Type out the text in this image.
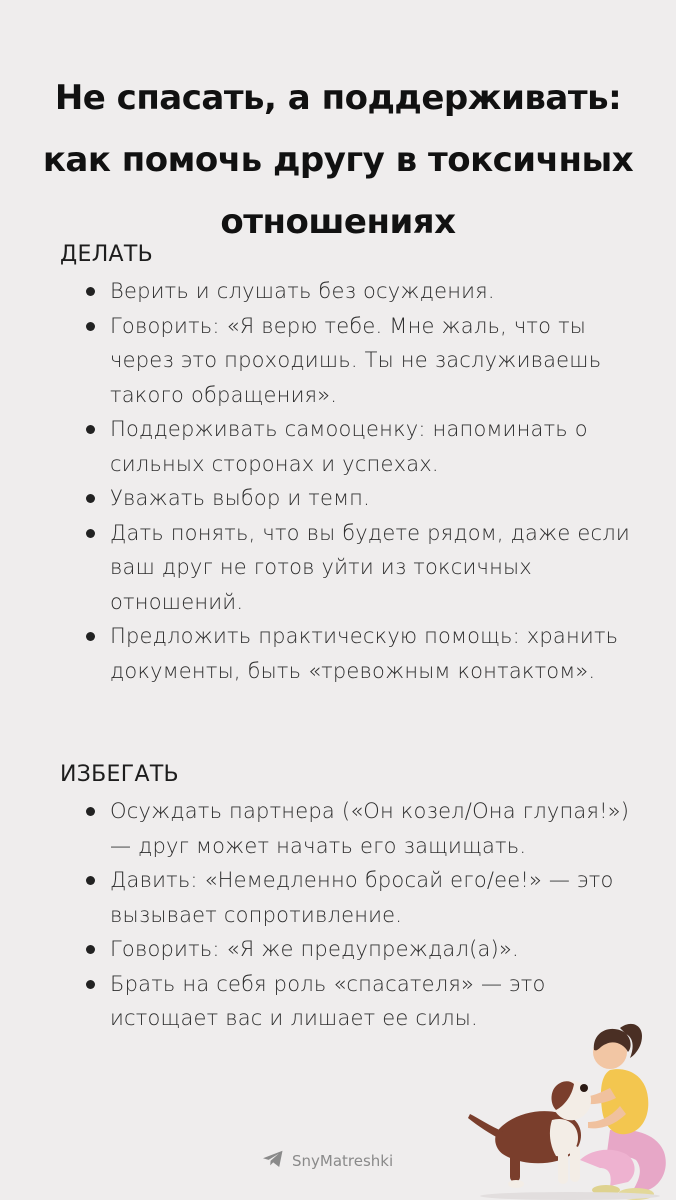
Не спасать, а поддерживать:
как помочь другу в токсичных
отношениях
ДЕЛАТЬ
Верить и слушать без осуждения.
Говорить: «Я верю тебе. Мне жаль, что ты через это проходишь. Ты не заслуживаешь такого обращения».
Поддерживать самооценку: напоминать о сильных сторонах и успехах.
Уважать выбор и темп.
Дать понять, что вы будете рядом, даже если ваш друг не готов уйти из токсичных отношений.
Предложить практическую помощь: хранить документы, быть «тревожным контактом».
ИЗБЕГАТЬ
Осуждать партнера («Он козел/Она глупая!») — друг может начать его защищать.
Давить: «Немедленно бросай его/ее!» — это вызывает сопротивление.
Говорить: «Я же предупреждал(а)».
Брать на себя роль «спасателя» — это истощает вас и лишает ее силы.
SnyMatreshki
